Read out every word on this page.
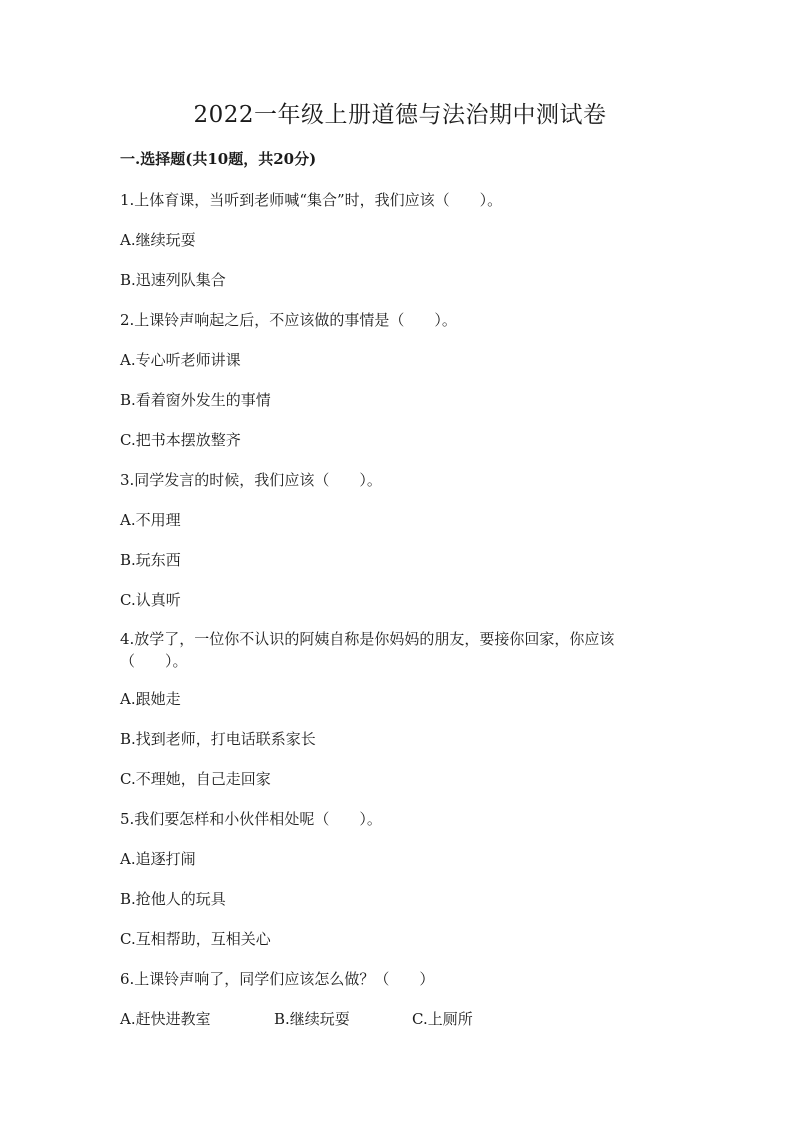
2022一年级上册道德与法治期中测试卷
一.选择题(共10题，共20分)
1.上体育课，当听到老师喊“集合”时，我们应该（　　）。
A.继续玩耍
B.迅速列队集合
2.上课铃声响起之后，不应该做的事情是（　　）。
A.专心听老师讲课
B.看着窗外发生的事情
C.把书本摆放整齐
3.同学发言的时候，我们应该（　　）。
A.不用理
B.玩东西
C.认真听
4.放学了，一位你不认识的阿姨自称是你妈妈的朋友，要接你回家，你应该
（　　）。
A.跟她走
B.找到老师，打电话联系家长
C.不理她，自己走回家
5.我们要怎样和小伙伴相处呢（　　）。
A.追逐打闹
B.抢他人的玩具
C.互相帮助，互相关心
6.上课铃声响了，同学们应该怎么做？（　　）
A.赶快进教室	B.继续玩耍	C.上厕所
